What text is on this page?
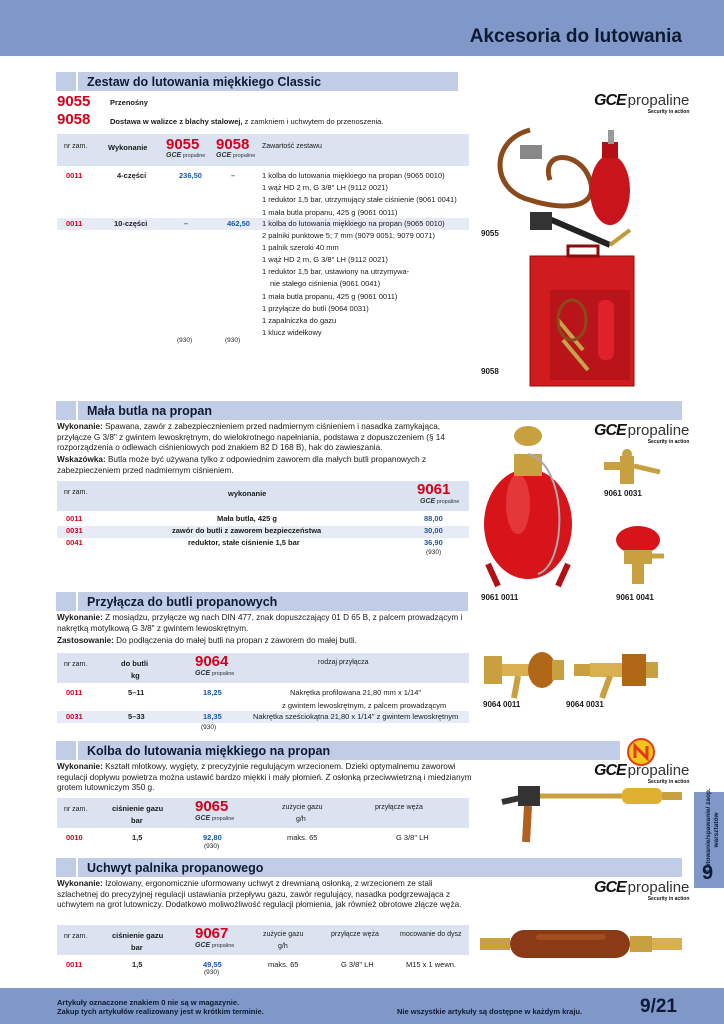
Akcesoria do lutowania
Zestaw do lutowania miękkiego Classic
9055	Przenośny
9058	Dostawa w walizce z blachy stalowej, z zamkniem i uchwytem do przenoszenia.
GCE propaline
Security in action
nr zam.	Wykonanie 9055 9058
GCE propaline GCE propaline
Zawartość zestawu
0011	4-części	236,50	–	1 kolba do lutowania miękkiego na propan (9065 0010)
1 wąż HD 2 m, G 3/8" LH (9112 0021)
1 reduktor 1,5 bar, utrzymujący stałe ciśnienie (9061 0041)
1 mała butla propanu, 425 g (9061 0011)
0011	10-części	–	462,50 1 kolba do lutowania miękkiego na propan (9065 0010)
2 palniki punktowe 5; 7 mm (9079 0051; 9079 0071)
1 palnik szeroki 40 mm
1 wąż HD 2 m, G 3/8" LH (9112 0021)
1 reduktor 1,5 bar, ustawiony na utrzymywa-
nie stałego ciśnienia (9061 0041)
1 mała butla propanu, 425 g (9061 0011)
1 przyłącze do butli (9064 0031)
1 zapalniczka do gazu
1 klucz widełkowy
(930)	(930)
9055
9058
Mała butla na propan

Wykonanie: Spawana, zawór z zabezpiecznieniem przed nadmiernym ciśnieniem i nasadka zamykająca, przyłącze G 3/8" z gwintem lewoskrętnym, do wielokrotnego napełniania, podstawa z dopuszczeniem (§ 14 rozporządzenia o odlewach ciśnieniowych pod znakiem 82 D 168 B), hak do zawieszania.

Wskazówka: Butla może być używana tylko z odpowiednim zaworem dla małych butli propanowych z zabezpieczeniem przed nadmiernym ciśnieniem.

nr zam.	wykonanie	9061
GCE propaline
0011	Mała butla, 425 g	88,00
0031	zawór do butli z zaworem bezpieczeństwa	30,00
0041	reduktor, stałe ciśnienie 1,5 bar	36,90
(930)
GCE propaline
Security in action
9061 0011
9061 0031
9061 0041
Przyłącza do butli propanowych

Wykonanie: Z mosiądzu, przyłącze wg nach DIN 477, znak dopuszczający 01 D 65 B, z palcem prowadzącym i nakrętką motylkową G 3/8" z gwintem lewoskrętnym.

Zastosowanie: Do podłączenia do małej butli na propan z zaworem do małej butli.

nr zam.	do butli
kg
9064
GCE propaline
rodzaj przyłącza
0011	5–11	18,25	Nakrętka profilowana 21,80 mm x 1/14"
z gwintem lewoskrętnym, z palcem prowadzącym
0031	5–33	18,35	Nakrętka sześciokątna 21,80 x 1/14" z gwintem lewoskrętnym
(930)
9064 0011	9064 0031
Kolba do lutowania miękkiego na propan

Wykonanie: Kształt młotkowy, wygięty, z precyzyjnie regulującym wrzecionem. Dzieki optymalnemu zaworowi regulacji dopływu powietrza można ustawić bardzo miękki i mały płomień. Z osłonką przeciwwietrzną i miedzianym grotem lutowniczym 350 g.

GCE propaline
Security in action
nr zam.	ciśnienie gazu
bar
9065
GCE propaline
zużycie gazu
g/h
przyłącze węża
0010	1,5	92,80	maks. 65	G 3/8" LH
(930)
Uchwyt palnika propanowego

Wykonanie: Izolowany, ergonomicznie uformowany uchwyt z drewnianą osłonką, z wrzecionem ze stali szlachetnej do precyzyjnej regulacji ustawiania przepływu gazu, zawór regulujący, nasadka podgrzewająca z uchwytem na grot lutowniczy. Dodatkowo moliwożliwość regulacji płomienia, jak również obrotowe złącze węża.

GCE propaline
Security in action
nr zam.	ciśnienie gazu
bar
9067
GCE propaline
zużycie gazu
g/h
przyłącze węża	mocowanie do dysz
0011	1,5	49,55	maks. 65	G 3/8" LH	M15 x 1 wewn.
(930)
Lutowanie/spawanie/ zaop. warsztatów
9
Artykuły oznaczone znakiem 0 nie są w magazynie.
Zakup tych artykułów realizowany jest w krótkim terminie.	Nie wszystkie artykuły są dostępne w każdym kraju.	9/21
